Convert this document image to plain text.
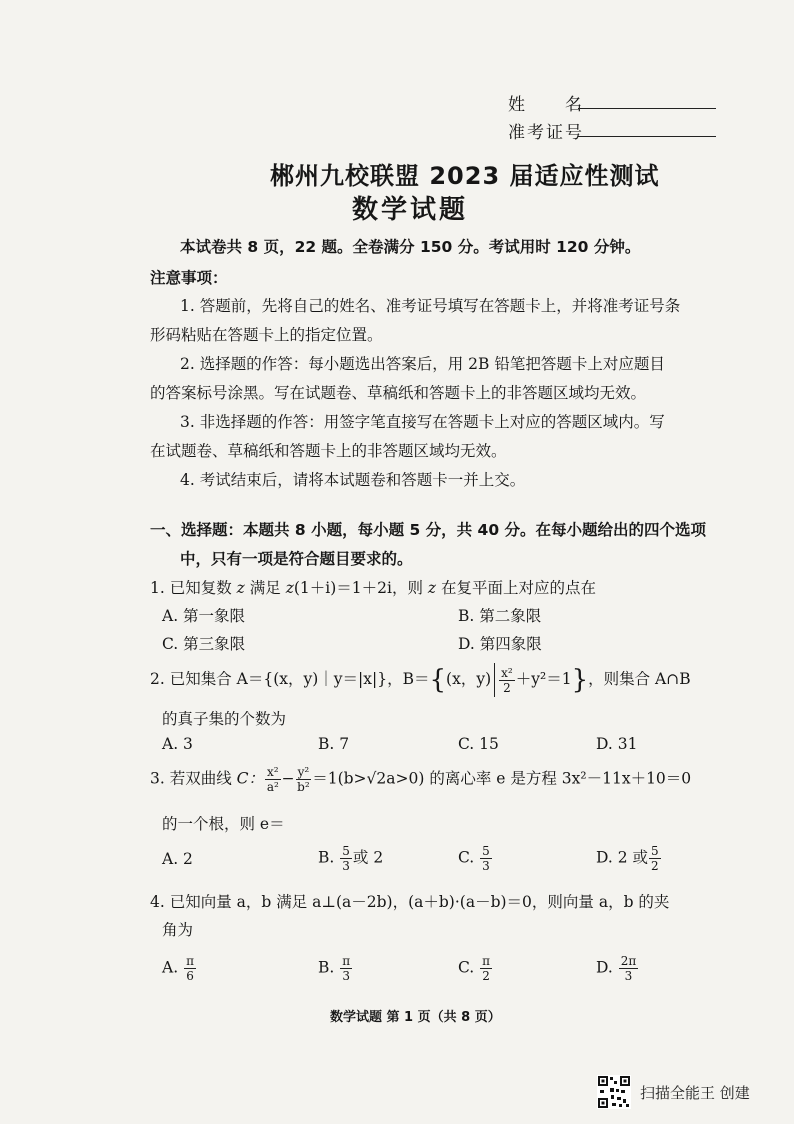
姓　　名
准考证号
郴州九校联盟 2023 届适应性测试
数学试题
本试卷共 8 页，22 题。全卷满分 150 分。考试用时 120 分钟。
注意事项：
1. 答题前，先将自己的姓名、准考证号填写在答题卡上，并将准考证号条
形码粘贴在答题卡上的指定位置。
2. 选择题的作答：每小题选出答案后，用 2B 铅笔把答题卡上对应题目
的答案标号涂黑。写在试题卷、草稿纸和答题卡上的非答题区域均无效。
3. 非选择题的作答：用签字笔直接写在答题卡上对应的答题区域内。写
在试题卷、草稿纸和答题卡上的非答题区域均无效。
4. 考试结束后，请将本试题卷和答题卡一并上交。
一、选择题：本题共 8 小题，每小题 5 分，共 40 分。在每小题给出的四个选项
中，只有一项是符合题目要求的。
1. 已知复数 z 满足 z(1＋i)＝1＋2i，则 z 在复平面上对应的点在
A. 第一象限	B. 第二象限
C. 第三象限	D. 第四象限
2. 已知集合 A＝{(x，y)｜y＝|x|}，B＝{(x，$y) \frac{\text{x²}}{2} +y^2=1$}，则集合 A∩B
的真子集的个数为
A. 3	B. 7	C. 15	D. 31
3. 若双曲线 C： $\frac{\text{x²}}{\text{a²}} - \frac{\text{y²}}{\text{b²}} =1(b>√2a>0)$ 的离心率 e 是方程 3x²－11x＋10＝0
的一个根，则 e＝
A. 2	B. $\frac{5}{3}$ 或 2	C. $\frac{5}{3}$	D. 2 或 $\frac{5}{2}$
4. 已知向量 a，b 满足 a⊥(a－2b)，(a＋b)·(a－b)＝0，则向量 a，b 的夹
角为
A. $\frac{\pi}{6}$	B. $\frac{\pi}{3}$	C. $\frac{\pi}{2}$	D. $\frac{2\pi}{3}$
数学试题 第 1 页（共 8 页）
扫描全能王 创建
